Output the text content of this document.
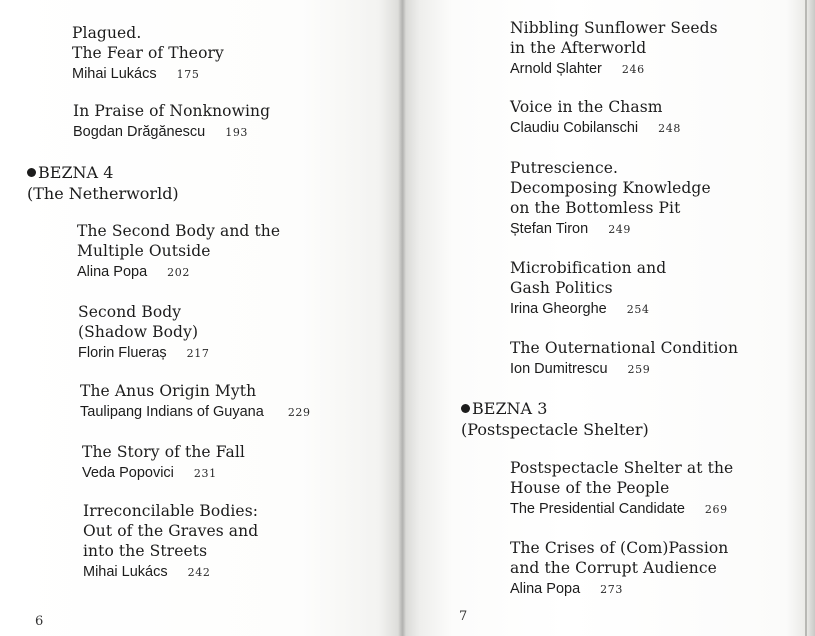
Plagued.
The Fear of Theory
Mihai Lukács 175
In Praise of Nonknowing
Bogdan Drăgănescu 193
BEZNA 4
(The Netherworld)
The Second Body and the
Multiple Outside
Alina Popa 202
Second Body
(Shadow Body)
Florin Flueraș 217
The Anus Origin Myth
Taulipang Indians of Guyana 229
The Story of the Fall
Veda Popovici 231
Irreconcilable Bodies:
Out of the Graves and
into the Streets
Mihai Lukács 242
6
Nibbling Sunflower Seeds
in the Afterworld
Arnold Șlahter 246
Voice in the Chasm
Claudiu Cobilanschi 248
Putrescience.
Decomposing Knowledge
on the Bottomless Pit
Ștefan Tiron 249
Microbification and
Gash Politics
Irina Gheorghe 254
The Outernational Condition
Ion Dumitrescu 259
BEZNA 3
(Postspectacle Shelter)
Postspectacle Shelter at the
House of the People
The Presidential Candidate 269
The Crises of (Com)Passion
and the Corrupt Audience
Alina Popa 273
7
